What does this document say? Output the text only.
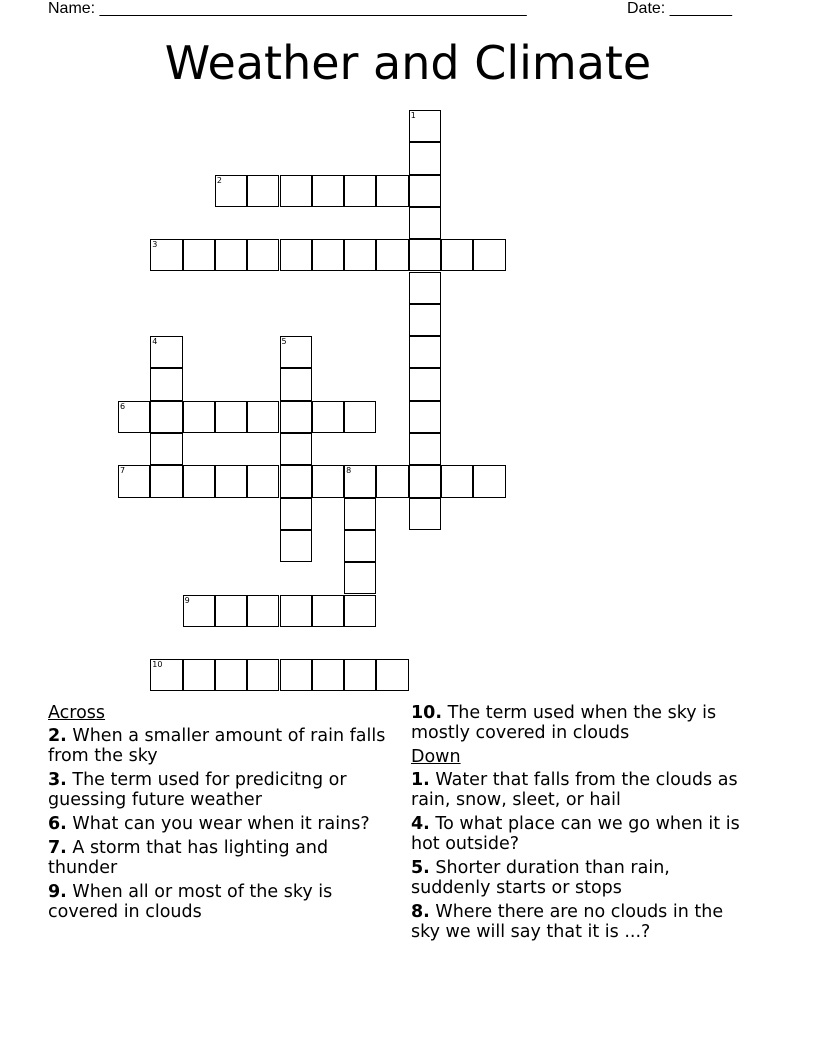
Name: ________________________________________________	Date: _______
Weather and Climate
1
2
3
4	5
6
7	8
9
10
Across
2. When a smaller amount of rain falls from the sky
3. The term used for predicitng or guessing future weather
6. What can you wear when it rains?
7. A storm that has lighting and thunder
9. When all or most of the sky is covered in clouds
10. The term used when the sky is mostly covered in clouds
Down
1. Water that falls from the clouds as rain, snow, sleet, or hail
4. To what place can we go when it is hot outside?
5. Shorter duration than rain, suddenly starts or stops
8. Where there are no clouds in the sky we will say that it is ...?
